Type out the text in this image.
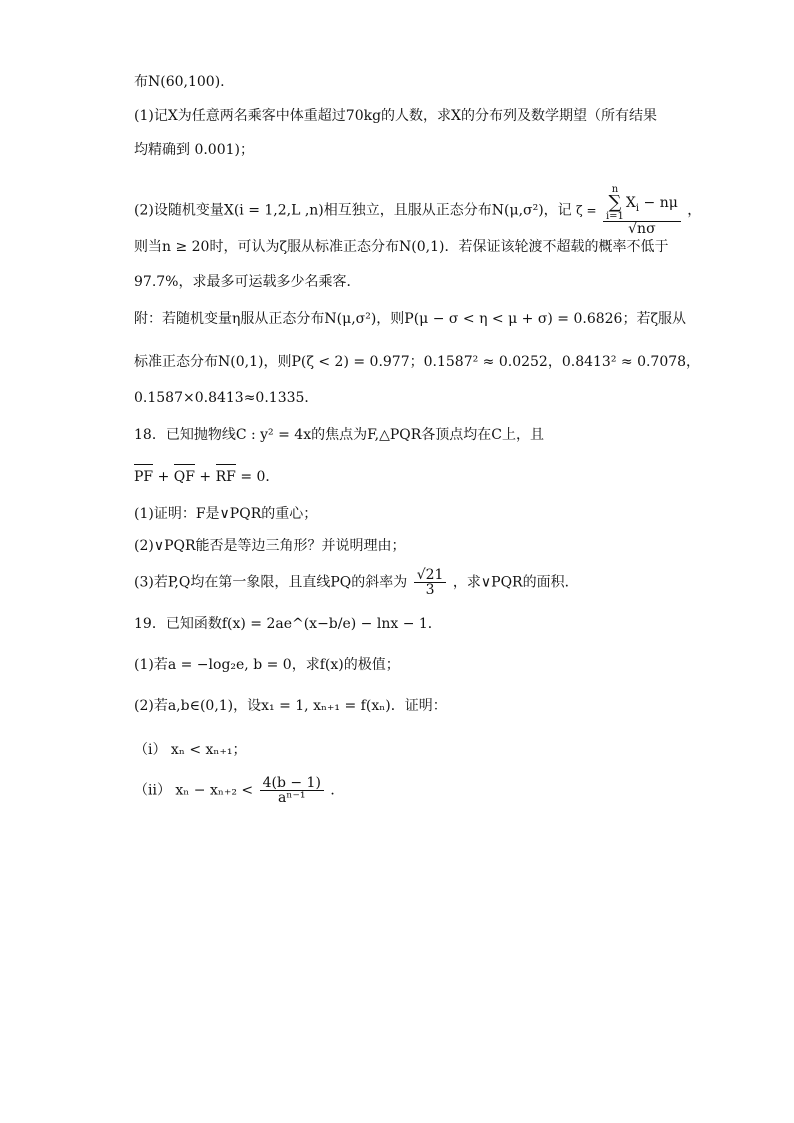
布N(60,100).
(1)记X为任意两名乘客中体重超过70kg的人数，求X的分布列及数学期望（所有结果
均精确到 0.001)；
(2)设随机变量X(i = 1,2,L ,n)相互独立，且服从正态分布N(μ,σ²)，记 ζ = n
∑
$i=1X_i - n\mu$
√nσ ，
则当n ≥ 20时，可认为ζ服从标准正态分布N(0,1)．若保证该轮渡不超载的概率不低于
97.7%，求最多可运载多少名乘客．
附：若随机变量η服从正态分布N(μ,σ²)，则P(μ − σ < η < μ + σ) = 0.6826；若ζ服从
标准正态分布N(0,1)，则P(ζ < 2) = 0.977；0.1587² ≈ 0.0252，0.8413² ≈ 0.7078，
0.1587×0.8413≈0.1335．
18．已知抛物线C : y² = 4x的焦点为F,△PQR各顶点均在C上，且
PF + QF + RF = 0．
(1)证明：F是∨PQR的重心；
(2)∨PQR能否是等边三角形？并说明理由；
(3)若P,Q均在第一象限，且直线PQ的斜率为 $\frac{√21}{3}$ ，求∨PQR的面积．
19．已知函数f(x) = 2ae^(x−b/e) − lnx − 1．
(1)若a = −log₂e, b = 0，求f(x)的极值；
(2)若a,b∈(0,1)，设x₁ = 1, xₙ₊₁ = f(xₙ)．证明：
（ⅰ） xₙ < xₙ₊₁；
（ⅱ） $x_n - x_{n+2} < \frac{4(b - 1)}{\text{aⁿ⁻¹}}$ ．
